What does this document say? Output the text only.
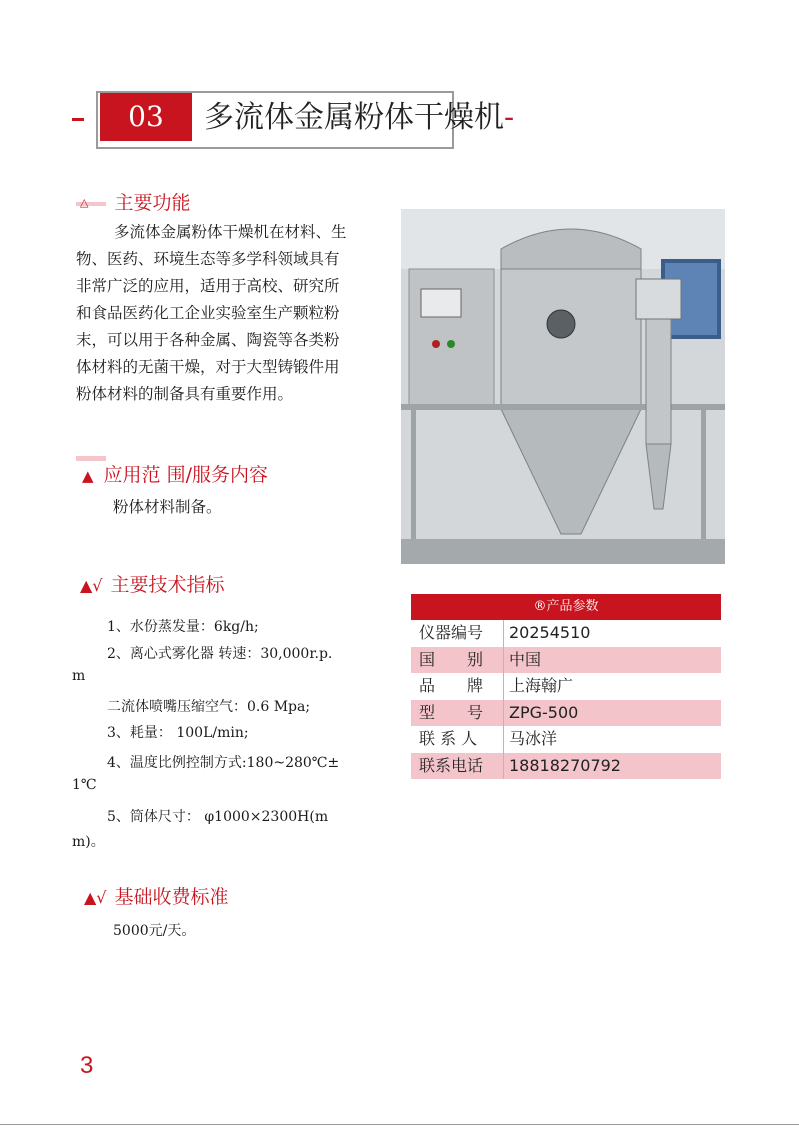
03	多流体金属粉体干燥机-
△ 主要功能
多流体金属粉体干燥机在材料、生
物、医药、环境生态等多学科领域具有
非常广泛的应用，适用于高校、研究所
和食品医药化工企业实验室生产颗粒粉
末，可以用于各种金属、陶瓷等各类粉
体材料的无菌干燥，对于大型铸锻件用
粉体材料的制备具有重要作用。
▲ 应用范 围/服务内容
粉体材料制备。
▲√ 主要技术指标
1、水份蒸发量：6kg/h;
2、离心式雾化器 转速：30,000r.p.
m
二流体喷嘴压缩空气：0.6 Mpa;
3、耗量： 100L/min;
4、温度比例控制方式:180~280℃±
1℃
5、筒体尺寸： φ1000×2300H(m
m)。
▲√ 基础收费标准
5000元/天。
®产品参数
仪器编号	20254510
国　　别	中国
品　　牌	上海翰广
型　　号	ZPG-500
联 系 人	马冰洋
联系电话	18818270792
3
